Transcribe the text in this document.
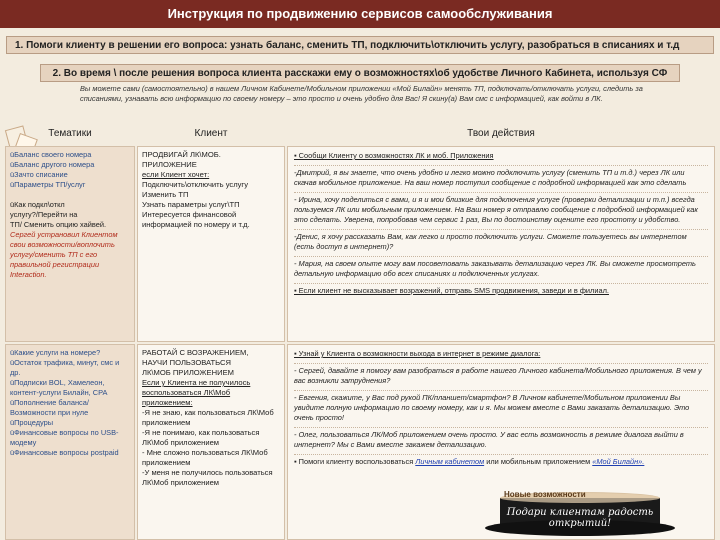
Инструкция по продвижению сервисов самообслуживания
1. Помоги клиенту в решении его вопроса: узнать баланс, сменить ТП, подключить\отключить услугу, разобраться в списаниях и т.д
2. Во время \ после решения вопроса клиента расскажи ему о возможностях\об удобстве Личного Кабинета, используя СФ
Вы можете сами (самостоятельно) в нашем Личном Кабинете/Мобильном приложении «Мой Билайн» менять ТП, подключать/отключать услуги, следить за списаниями, узнавать всю информацию по своему номеру – это просто и очень удобно для Вас! Я скину(а) Вам смс с информацией, как войти в ЛК.
Тематики	Клиент	Твои действия
üБаланс своего номера
üБаланс другого номера
üЗачто списание
üПараметры ТП/услуг
üКак подкл\откл
услугу?/Перейти на
ТП/ Сменить опцию хайвей.
Сергей устрановил Клиентом свои возможности/воплочить услугу/сменить ТП с его правильной регистрации Interaction.
ПРОДВИГАЙ ЛК\МОБ.
ПРИЛОЖЕНИЕ
если Клиент хочет:
Подключить\отключить услугу
Изменить ТП
Узнать параметры услуг\ТП
Интересуется финансовой
информацией по номеру и т.д.
▪ Сообщи Клиенту о возможностях ЛК и моб. Приложения
-Дмитрий, я вы знаете, что очень удобно и легко можно подключить услугу (сменить ТП и т.д.) через ЛК или скачав мобильное приложение. На ваш номер поступил сообщение с подробной информацией как это сделать
- Ирина, хочу поделиться с вами, и я и мои близкие для подключения услуге (проверки детализации и т.п.) всегда пользуемся ЛК или мобильным приложением. На Ваш номер я отправлю сообщение с подробной информацией как это сделать. Уверена, попробовав чем сервис 1 раз, Вы по достоинству оцените его простоту и удобство.
-Денис, я хочу рассказать Вам, как легко и просто подключить услуги. Сможете пользуетесь вы интернетом (есть доступ в интернет)?
- Мария, на своем опыте могу вам посоветовать заказывать детализацию через ЛК. Вы сможете просмотреть детальную информацию обо всех списаниях и подключенных услугах.
▪ Если клиент не высказывает возражений, отправь SMS продвижения, заведи и в филиал.
üКакие услуги на номере?
üОстаток трафика, минут, смс и др.
üПодписки BOL, Хамелеон, контент-услуги Билайн, CPA
üПополнение баланса/Возможности при нуле
üПроцедуры
üФинансовые вопросы по USB-модему
üФинансовые вопросы postpaid
РАБОТАЙ С ВОЗРАЖЕНИЕМ,
НАУЧИ ПОЛЬЗОВАТЬСЯ
ЛК\МОБ ПРИЛОЖЕНИЕМ
Если у Клиента не получилось
воспользоваться ЛК\Моб
приложением:
-Я не знаю, как пользоваться ЛК\Моб приложением
-Я не понимаю, как пользоваться ЛК\Моб приложением
- Мне сложно пользоваться ЛК\Моб приложением
-У меня не получилось пользоваться ЛК\Моб приложением
▪ Узнай у Клиента о возможности выхода в интернет в режиме диалога:
- Сергей, давайте я помогу вам разобраться в работе нашего Личного кабинета/Мобильного приложения. В чем у вас возникли затруднения?
- Евгения, скажите, у Вас под рукой ПК/планшет/смартфон? В Личном кабинете/Мобильном приложении Вы увидите полную информацию по своему номеру, как и я. Мы можем вместе с Вами заказать детализацию. Это очень просто!
- Олег, пользоваться ЛК/Моб приложением очень просто. У вас есть возможность в режиме диалога выйти в интернет? Мы с Вами вместе закажем детализацию.
▪ Помоги клиенту воспользоваться Личным кабинетом или мобильным приложением «Мой Билайн».
Новые возможности
Подари клиентам радость открытий!
